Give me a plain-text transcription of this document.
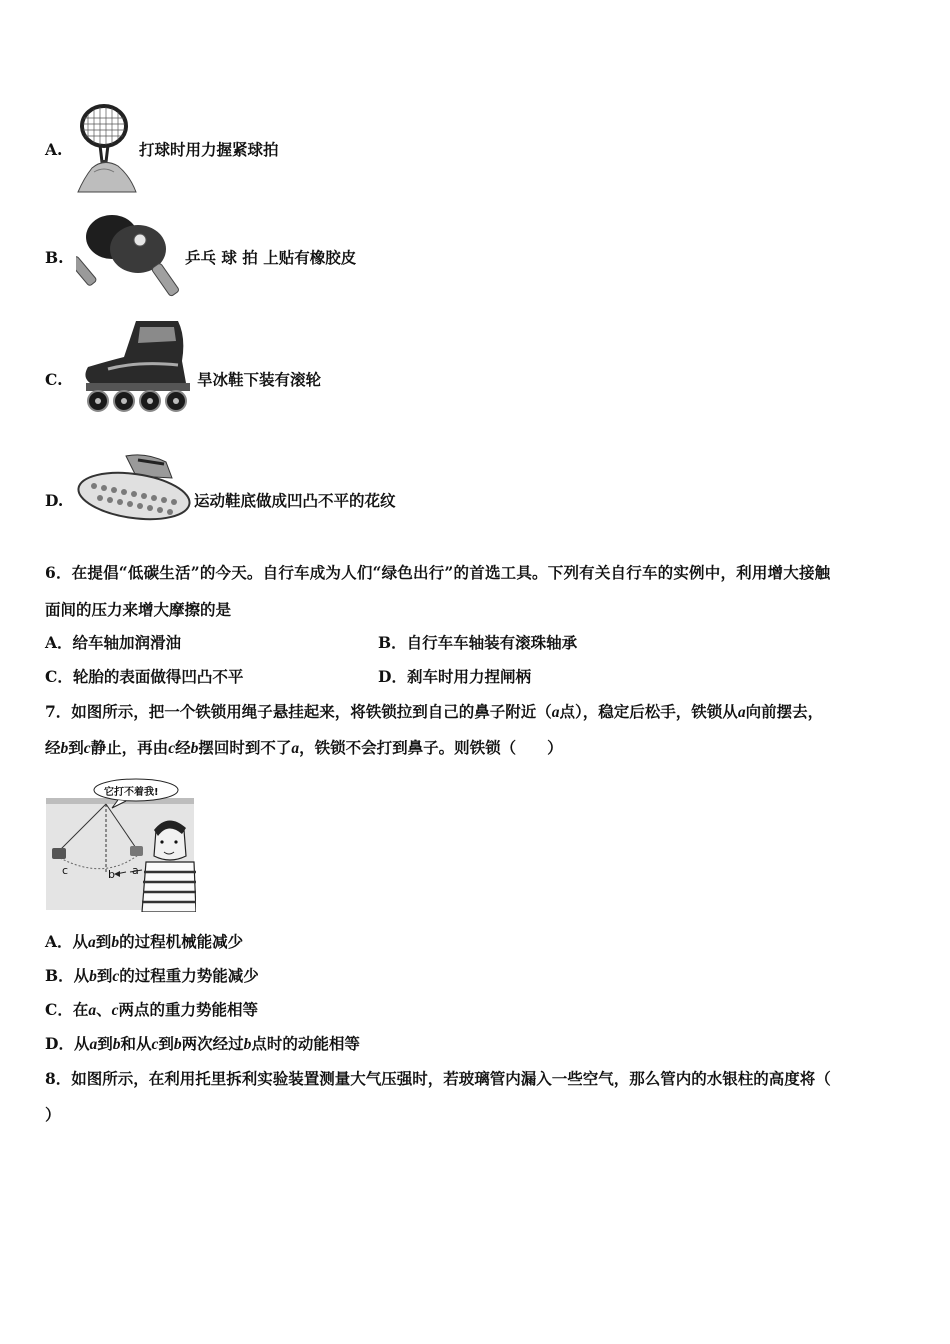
A.	打球时用力握紧球拍
B.	乒乓 球 拍 上贴有橡胶皮
C.	旱冰鞋下装有滚轮
D.	运动鞋底做成凹凸不平的花纹
6．在提倡“低碳生活”的今天。自行车成为人们“绿色出行”的首选工具。下列有关自行车的实例中，利用增大接触
面间的压力来增大摩擦的是
A．给车轴加润滑油	B．自行车车轴装有滚珠轴承
C．轮胎的表面做得凹凸不平	D．刹车时用力捏闸柄
7．如图所示，把一个铁锁用绳子悬挂起来，将铁锁拉到自己的鼻子附近（a点），稳定后松手，铁锁从a向前摆去，
经b到c静止，再由c经b摆回时到不了a，铁锁不会打到鼻子。则铁锁（　　）
它打不着我!
c	b a
A．从a到b的过程机械能减少
B．从b到c的过程重力势能减少
C．在a、c两点的重力势能相等
D．从a到b和从c到b两次经过b点时的动能相等
8．如图所示，在利用托里拆利实验装置测量大气压强时，若玻璃管内漏入一些空气，那么管内的水银柱的高度将（
）
